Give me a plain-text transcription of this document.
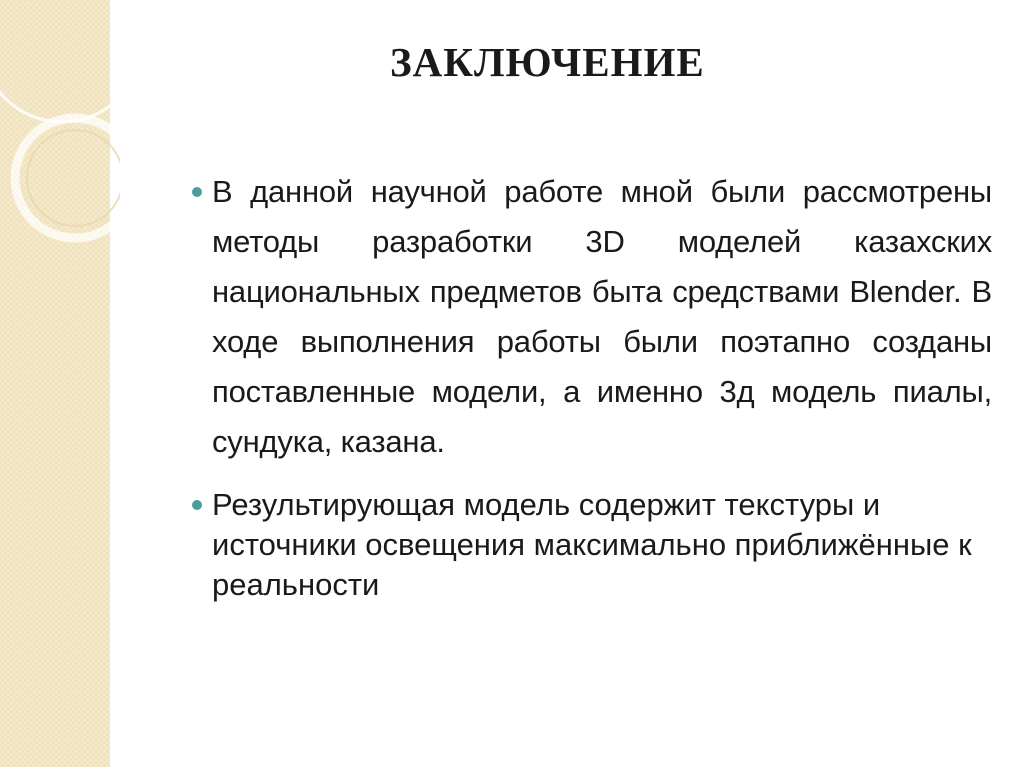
ЗАКЛЮЧЕНИЕ

В данной научной работе мной были рассмотрены методы разработки 3D моделей казахских национальных предметов быта средствами Blender. В ходе выполнения работы были поэтапно созданы поставленные модели, а именно 3д модель пиалы, сундука, казана.

Результирующая модель содержит текстуры и источники освещения максимально приближённые к реальности
